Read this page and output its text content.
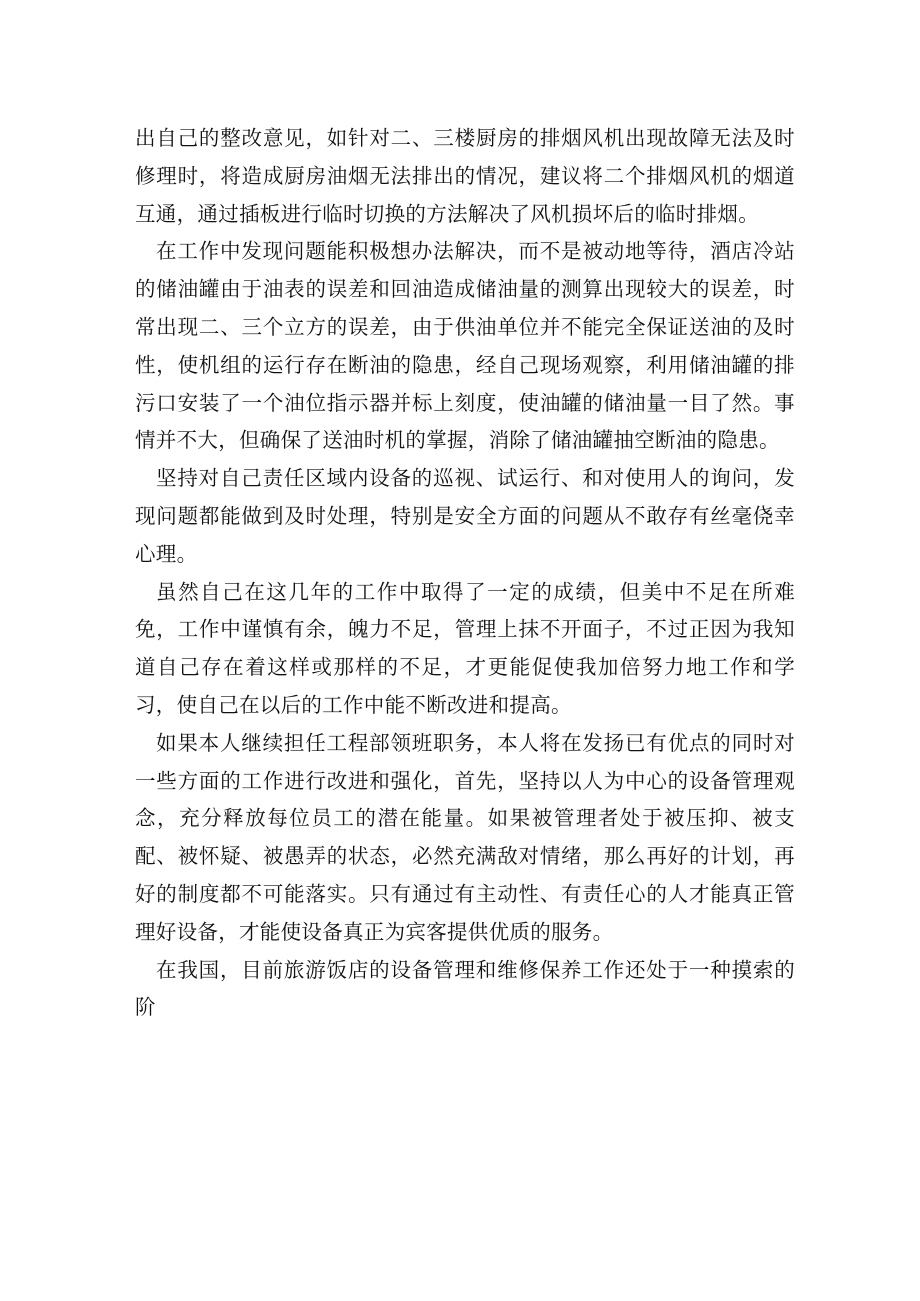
出自己的整改意见，如针对二、三楼厨房的排烟风机出现故障无法及时修理时，将造成厨房油烟无法排出的情况，建议将二个排烟风机的烟道互通，通过插板进行临时切换的方法解决了风机损坏后的临时排烟。

在工作中发现问题能积极想办法解决，而不是被动地等待，酒店冷站的储油罐由于油表的误差和回油造成储油量的测算出现较大的误差，时常出现二、三个立方的误差，由于供油单位并不能完全保证送油的及时性，使机组的运行存在断油的隐患，经自己现场观察，利用储油罐的排污口安装了一个油位指示器并标上刻度，使油罐的储油量一目了然。事情并不大，但确保了送油时机的掌握，消除了储油罐抽空断油的隐患。

坚持对自己责任区域内设备的巡视、试运行、和对使用人的询问，发现问题都能做到及时处理，特别是安全方面的问题从不敢存有丝毫侥幸心理。

虽然自己在这几年的工作中取得了一定的成绩，但美中不足在所难免，工作中谨慎有余，魄力不足，管理上抹不开面子，不过正因为我知道自己存在着这样或那样的不足，才更能促使我加倍努力地工作和学习，使自己在以后的工作中能不断改进和提高。

如果本人继续担任工程部领班职务，本人将在发扬已有优点的同时对一些方面的工作进行改进和强化，首先，坚持以人为中心的设备管理观念，充分释放每位员工的潜在能量。如果被管理者处于被压抑、被支配、被怀疑、被愚弄的状态，必然充满敌对情绪，那么再好的计划，再好的制度都不可能落实。只有通过有主动性、有责任心的人才能真正管理好设备，才能使设备真正为宾客提供优质的服务。

在我国，目前旅游饭店的设备管理和维修保养工作还处于一种摸索的阶
